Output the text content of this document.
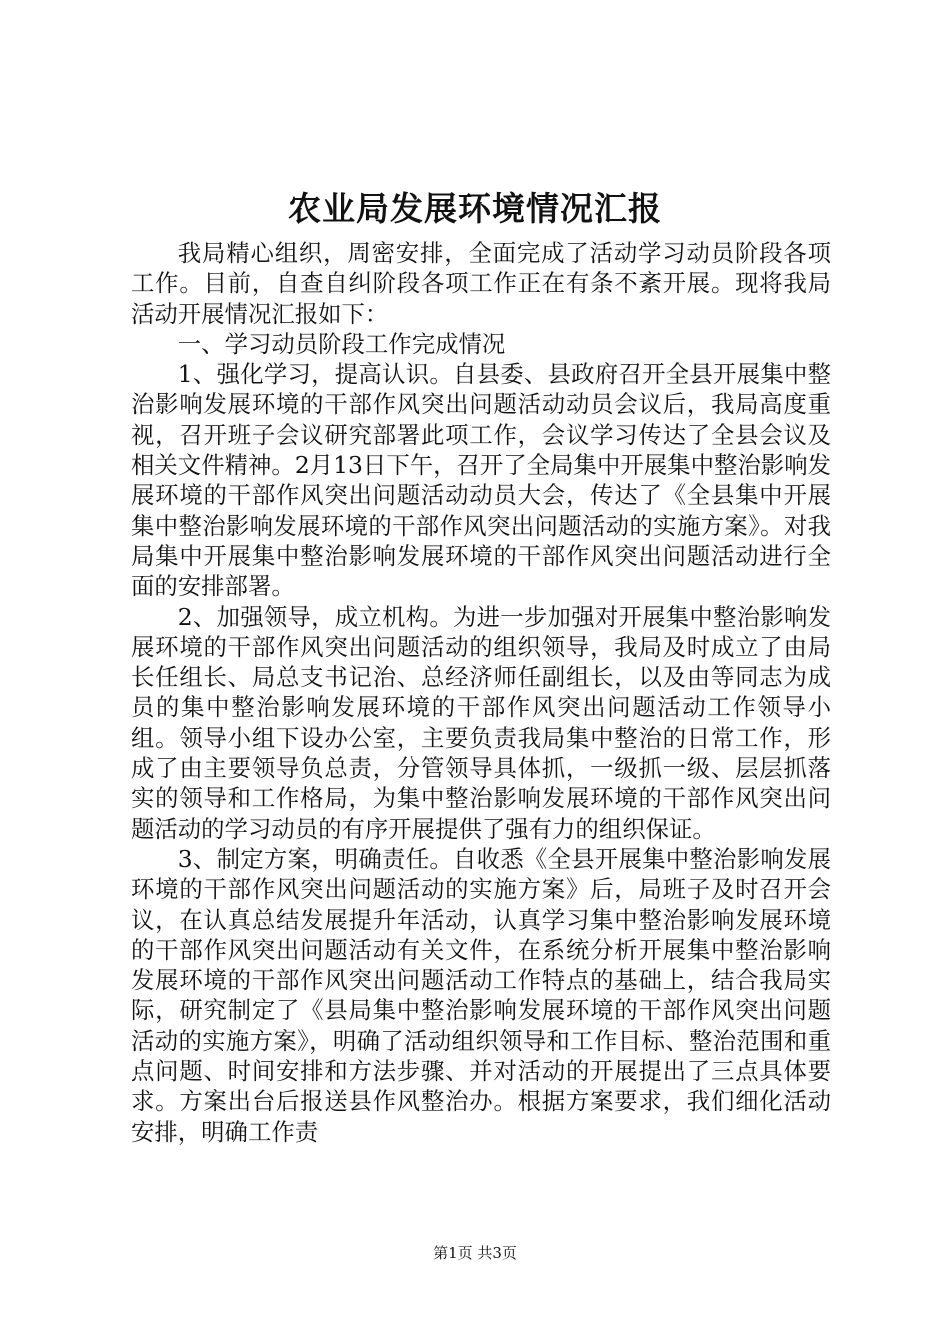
农业局发展环境情况汇报

我局精心组织，周密安排，全面完成了活动学习动员阶段各项工作。目前，自查自纠阶段各项工作正在有条不紊开展。现将我局活动开展情况汇报如下：

一、学习动员阶段工作完成情况

1、强化学习，提高认识。自县委、县政府召开全县开展集中整治影响发展环境的干部作风突出问题活动动员会议后，我局高度重视，召开班子会议研究部署此项工作，会议学习传达了全县会议及相关文件精神。2月13日下午，召开了全局集中开展集中整治影响发展环境的干部作风突出问题活动动员大会，传达了《全县集中开展集中整治影响发展环境的干部作风突出问题活动的实施方案》。对我局集中开展集中整治影响发展环境的干部作风突出问题活动进行全面的安排部署。

2、加强领导，成立机构。为进一步加强对开展集中整治影响发展环境的干部作风突出问题活动的组织领导，我局及时成立了由局长任组长、局总支书记治、总经济师任副组长，以及由等同志为成员的集中整治影响发展环境的干部作风突出问题活动工作领导小组。领导小组下设办公室，主要负责我局集中整治的日常工作，形成了由主要领导负总责，分管领导具体抓，一级抓一级、层层抓落实的领导和工作格局，为集中整治影响发展环境的干部作风突出问题活动的学习动员的有序开展提供了强有力的组织保证。

3、制定方案，明确责任。自收悉《全县开展集中整治影响发展环境的干部作风突出问题活动的实施方案》后，局班子及时召开会议，在认真总结发展提升年活动，认真学习集中整治影响发展环境的干部作风突出问题活动有关文件，在系统分析开展集中整治影响发展环境的干部作风突出问题活动工作特点的基础上，结合我局实际，研究制定了《县局集中整治影响发展环境的干部作风突出问题活动的实施方案》，明确了活动组织领导和工作目标、整治范围和重点问题、时间安排和方法步骤、并对活动的开展提出了三点具体要求。方案出台后报送县作风整治办。根据方案要求，我们细化活动安排，明确工作责

第1页 共3页
